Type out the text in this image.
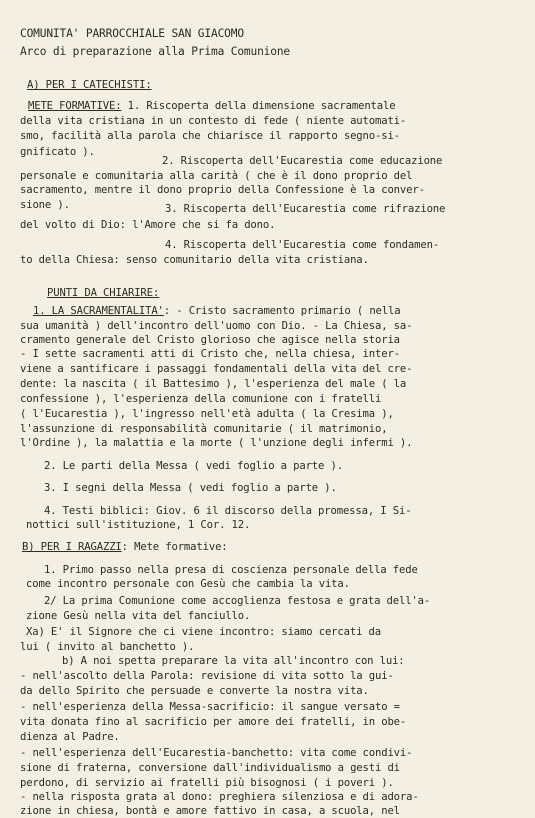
COMUNITA' PARROCCHIALE SAN GIACOMO
Arco di preparazione alla Prima Comunione
A) PER I CATECHISTI:
METE FORMATIVE: 1. Riscoperta della dimensione sacramentale
della vita cristiana in un contesto di fede ( niente automati-
smo, facilità alla parola che chiarisce il rapporto segno-si-
gnificato ).
2. Riscoperta dell'Eucarestia come educazione
personale e comunitaria alla carità ( che è il dono proprio del
sacramento, mentre il dono proprio della Confessione è la conver-
sione ).	3. Riscoperta dell'Eucarestia come rifrazione
del volto di Dio: l'Amore che si fa dono.
4. Riscoperta dell'Eucarestia come fondamen-
to della Chiesa: senso comunitario della vita cristiana.
PUNTI DA CHIARIRE:
1. LA SACRAMENTALITA': - Cristo sacramento primario ( nella
sua umanità ) dell'incontro dell'uomo con Dio. - La Chiesa, sa-
cramento generale del Cristo glorioso che agisce nella storia
- I sette sacramenti atti di Cristo che, nella chiesa, inter-
viene a santificare i passaggi fondamentali della vita del cre-
dente: la nascita ( il Battesimo ), l'esperienza del male ( la
confessione ), l'esperienza della comunione con i fratelli
( l'Eucarestia ), l'ingresso nell'età adulta ( la Cresima ),
l'assunzione di responsabilità comunitarie ( il matrimonio,
l'Ordine ), la malattia e la morte ( l'unzione degli infermi ).
2. Le parti della Messa ( vedi foglio a parte ).
3. I segni della Messa ( vedi foglio a parte ).
4. Testi biblici: Giov. 6 il discorso della promessa, I Si-
nottici sull'istituzione, 1 Cor. 12.
B) PER I RAGAZZI: Mete formative:
1. Primo passo nella presa di coscienza personale della fede
come incontro personale con Gesù che cambia la vita.
2/ La prima Comunione come accoglienza festosa e grata dell'a-
zione Gesù nella vita del fanciullo.
Xa) E' il Signore che ci viene incontro: siamo cercati da
lui ( invito al banchetto ).
b) A noi spetta preparare la vita all'incontro con lui:
- nell'ascolto della Parola: revisione di vita sotto la gui-
da dello Spirito che persuade e converte la nostra vita.
- nell'esperienza della Messa-sacrificio: il sangue versato =
vita donata fino al sacrificio per amore dei fratelli, in obe-
dienza al Padre.
- nell'esperienza dell'Eucarestia-banchetto: vita come condivi-
sione di fraterna, conversione dall'individualismo a gesti di
perdono, di servizio ai fratelli più bisognosi ( i poveri ).
- nella risposta grata al dono: preghiera silenziosa e di adora-
zione in chiesa, bontà e amore fattivo in casa, a scuola, nel
